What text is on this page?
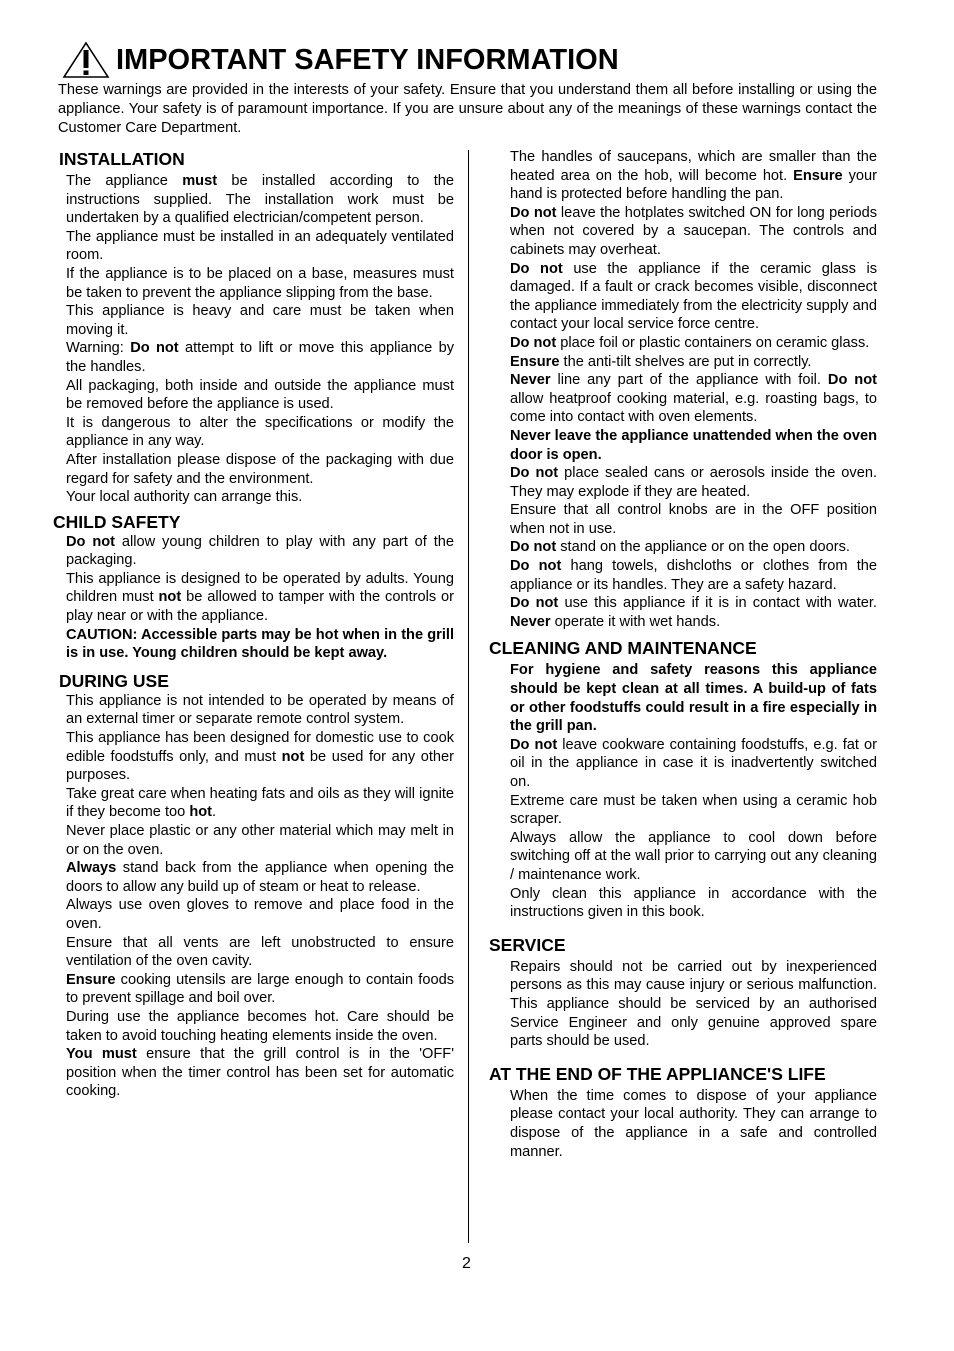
IMPORTANT SAFETY INFORMATION
These warnings are provided in the interests of your safety. Ensure that you understand them all before installing or using the appliance. Your safety is of paramount importance. If you are unsure about any of the meanings of these warnings contact the Customer Care Department.
INSTALLATION

The appliance must be installed according to the instructions supplied. The installation work must be undertaken by a qualified electrician/competent person.

The appliance must be installed in an adequately ventilated room.

If the appliance is to be placed on a base, measures must be taken to prevent the appliance slipping from the base.

This appliance is heavy and care must be taken when moving it.

Warning: Do not attempt to lift or move this appliance by the handles.

All packaging, both inside and outside the appliance must be removed before the appliance is used.

It is dangerous to alter the specifications or modify the appliance in any way.

After installation please dispose of the packaging with due regard for safety and the environment.

Your local authority can arrange this.

CHILD SAFETY

Do not allow young children to play with any part of the packaging.

This appliance is designed to be operated by adults. Young children must not be allowed to tamper with the controls or play near or with the appliance.

CAUTION: Accessible parts may be hot when in the grill is in use. Young children should be kept away.

DURING USE

This appliance is not intended to be operated by means of an external timer or separate remote control system.

This appliance has been designed for domestic use to cook edible foodstuffs only, and must not be used for any other purposes.

Take great care when heating fats and oils as they will ignite if they become too hot.

Never place plastic or any other material which may melt in or on the oven.

Always stand back from the appliance when opening the doors to allow any build up of steam or heat to release.

Always use oven gloves to remove and place food in the oven.

Ensure that all vents are left unobstructed to ensure ventilation of the oven cavity.

Ensure cooking utensils are large enough to contain foods to prevent spillage and boil over.

During use the appliance becomes hot. Care should be taken to avoid touching heating elements inside the oven.

You must ensure that the grill control is in the 'OFF' position when the timer control has been set for automatic cooking.

The handles of saucepans, which are smaller than the heated area on the hob, will become hot. Ensure your hand is protected before handling the pan.

Do not leave the hotplates switched ON for long periods when not covered by a saucepan. The controls and cabinets may overheat.

Do not use the appliance if the ceramic glass is damaged. If a fault or crack becomes visible, disconnect the appliance immediately from the electricity supply and contact your local service force centre.

Do not place foil or plastic containers on ceramic glass.

Ensure the anti-tilt shelves are put in correctly.

Never line any part of the appliance with foil. Do not allow heatproof cooking material, e.g. roasting bags, to come into contact with oven elements.

Never leave the appliance unattended when the oven door is open.

Do not place sealed cans or aerosols inside the oven. They may explode if they are heated.

Ensure that all control knobs are in the OFF position when not in use.

Do not stand on the appliance or on the open doors.

Do not hang towels, dishcloths or clothes from the appliance or its handles. They are a safety hazard.

Do not use this appliance if it is in contact with water. Never operate it with wet hands.

CLEANING AND MAINTENANCE

For hygiene and safety reasons this appliance should be kept clean at all times. A build-up of fats or other foodstuffs could result in a fire especially in the grill pan.

Do not leave cookware containing foodstuffs, e.g. fat or oil in the appliance in case it is inadvertently switched on.

Extreme care must be taken when using a ceramic hob scraper.

Always allow the appliance to cool down before switching off at the wall prior to carrying out any cleaning / maintenance work.

Only clean this appliance in accordance with the instructions given in this book.

SERVICE

Repairs should not be carried out by inexperienced persons as this may cause injury or serious malfunction. This appliance should be serviced by an authorised Service Engineer and only genuine approved spare parts should be used.

AT THE END OF THE APPLIANCE'S LIFE

When the time comes to dispose of your appliance please contact your local authority. They can arrange to dispose of the appliance in a safe and controlled manner.

2
